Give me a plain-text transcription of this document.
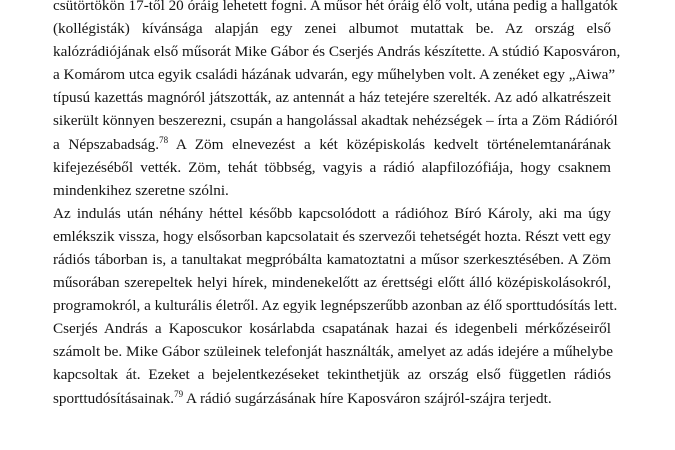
csütörtökön 17-től 20 óráig lehetett fogni. A műsor hét óráig élő volt, utána pedig a hallgatók
(kollégisták) kívánsága alapján egy zenei albumot mutattak be. Az ország első
kalózrádiójának első műsorát Mike Gábor és Cserjés András készítette. A stúdió Kaposváron,
a Komárom utca egyik családi házának udvarán, egy műhelyben volt. A zenéket egy „Aiwa”
típusú kazettás magnóról játszották, az antennát a ház tetejére szerelték. Az adó alkatrészeit
sikerült könnyen beszerezni, csupán a hangolással akadtak nehézségek – írta a Zöm Rádióról
a Népszabadság.$^{78}$ A Zöm elnevezést a két középiskolás kedvelt történelemtanárának
kifejezéséből vették. Zöm, tehát többség, vagyis a rádió alapfilozófiája, hogy csaknem
mindenkihez szeretne szólni.
Az indulás után néhány héttel később kapcsolódott a rádióhoz Bíró Károly, aki ma úgy
emlékszik vissza, hogy elsősorban kapcsolatait és szervezői tehetségét hozta. Részt vett egy
rádiós táborban is, a tanultakat megpróbálta kamatoztatni a műsor szerkesztésében. A Zöm
műsorában szerepeltek helyi hírek, mindenekelőtt az érettségi előtt álló középiskolásokról,
programokról, a kulturális életről. Az egyik legnépszerűbb azonban az élő sporttudósítás lett.
Cserjés András a Kaposcukor kosárlabda csapatának hazai és idegenbeli mérkőzéseiről
számolt be. Mike Gábor szüleinek telefonját használták, amelyet az adás idejére a műhelybe
kapcsoltak át. Ezeket a bejelentkezéseket tekinthetjük az ország első független rádiós
sporttudósításainak.$^{79}$ A rádió sugárzásának híre Kaposváron szájról-szájra terjedt.
